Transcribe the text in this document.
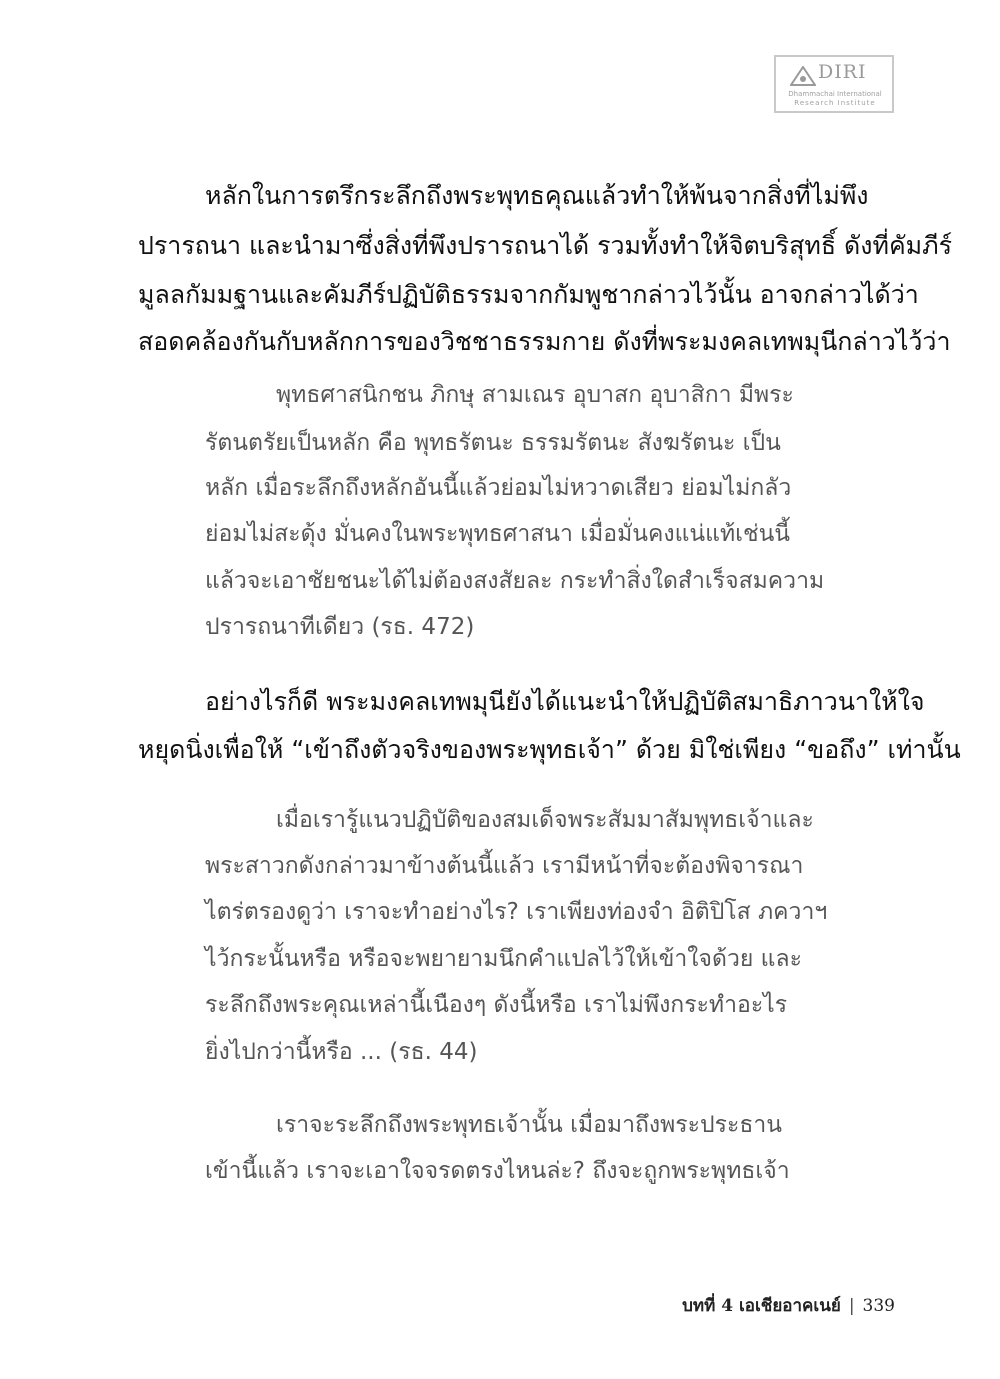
DIRI
Dhammachai International
Research Institute
หลักในการตรึกระลึกถึงพระพุทธคุณแล้วทำให้พ้นจากสิ่งที่ไม่พึง
ปรารถนา และนำมาซึ่งสิ่งที่พึงปรารถนาได้ รวมทั้งทำให้จิตบริสุทธิ์ ดังที่คัมภีร์
มูลลกัมมฐานและคัมภีร์ปฏิบัติธรรมจากกัมพูชากล่าวไว้นั้น อาจกล่าวได้ว่า
สอดคล้องกันกับหลักการของวิชชาธรรมกาย ดังที่พระมงคลเทพมุนีกล่าวไว้ว่า
พุทธศาสนิกชน ภิกษุ สามเณร อุบาสก อุบาสิกา มีพระ
รัตนตรัยเป็นหลัก คือ พุทธรัตนะ ธรรมรัตนะ สังฆรัตนะ เป็น
หลัก เมื่อระลึกถึงหลักอันนี้แล้วย่อมไม่หวาดเสียว ย่อมไม่กลัว
ย่อมไม่สะดุ้ง มั่นคงในพระพุทธศาสนา เมื่อมั่นคงแน่แท้เช่นนี้
แล้วจะเอาชัยชนะได้ไม่ต้องสงสัยละ กระทำสิ่งใดสำเร็จสมความ
ปรารถนาทีเดียว (รธ. 472)
อย่างไรก็ดี พระมงคลเทพมุนียังได้แนะนำให้ปฏิบัติสมาธิภาวนาให้ใจ
หยุดนิ่งเพื่อให้ “เข้าถึงตัวจริงของพระพุทธเจ้า” ด้วย มิใช่เพียง “ขอถึง” เท่านั้น
เมื่อเรารู้แนวปฏิบัติของสมเด็จพระสัมมาสัมพุทธเจ้าและ
พระสาวกดังกล่าวมาข้างต้นนี้แล้ว เรามีหน้าที่จะต้องพิจารณา
ไตร่ตรองดูว่า เราจะทำอย่างไร? เราเพียงท่องจำ อิติปิโส ภควาฯ
ไว้กระนั้นหรือ หรือจะพยายามนึกคำแปลไว้ให้เข้าใจด้วย และ
ระลึกถึงพระคุณเหล่านี้เนืองๆ ดังนี้หรือ เราไม่พึงกระทำอะไร
ยิ่งไปกว่านี้หรือ ... (รธ. 44)
เราจะระลึกถึงพระพุทธเจ้านั้น เมื่อมาถึงพระประธาน
เข้านี้แล้ว เราจะเอาใจจรดตรงไหนล่ะ? ถึงจะถูกพระพุทธเจ้า
บทที่ 4 เอเชียอาคเนย์ | 339
